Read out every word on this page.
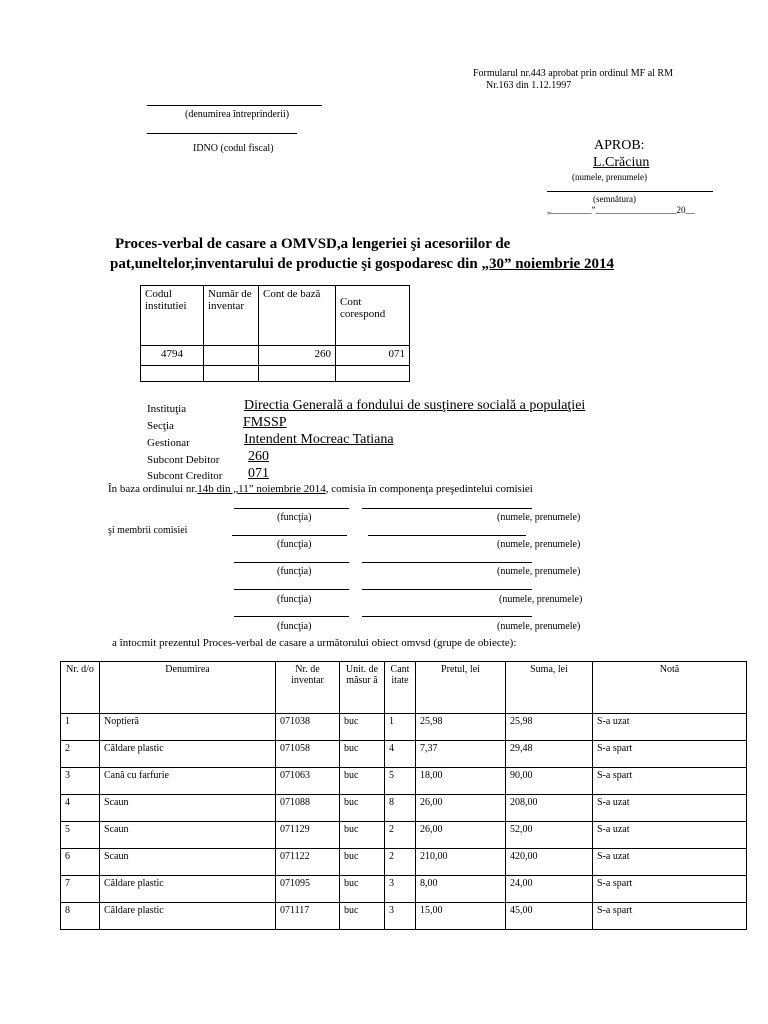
Formularul nr.443 aprobat prin ordinul MF al RM
Nr.163 din 1.12.1997
(denumirea întreprinderii)
IDNO (codul fiscal)	APROB:
L.Crăciun
(numele, prenumele)
(semnătura)
„_________”__________________20__
Proces-verbal de casare a OMVSD,a lengeriei şi acesoriilor de
pat,uneltelor,inventarului de productie şi gospodaresc din „30” noiembrie 2014
Codul institutiei	Număr de inventar	Cont de bază	Cont corespond
4794		260	071

Instituţia	Directia Generală a fondului de susţinere socială a populaţiei
Secţia	FMSSP
Gestionar	Intendent Mocreac Tatiana
Subcont Debitor 260
Subcont Creditor 071
În baza ordinului nr.14b din „11” noiembrie 2014, comisia în componenţa preşedintelui comisiei
(funcţia)	(numele, prenumele)
şi membrii comisiei
(funcţia)	(numele, prenumele)
(funcţia)	(numele, prenumele)
(funcţia)	(numele, prenumele)
(funcţia)	(numele, prenumele)
a întocmit prezentul Proces-verbal de casare a următorului obiect omvsd (grupe de obiecte):
Nr. d/o	Denumirea	Nr. de inventar	Unit. de măsur ă	Cant itate	Pretul, lei	Suma, lei	Notă
1	Noptieră	071038	buc	1	25,98	25,98	S-a uzat
2	Căldare plastic	071058	buc	4	7,37	29,48	S-a spart
3	Cană cu farfurie	071063	buc	5	18,00	90,00	S-a spart
4	Scaun	071088	buc	8	26,00	208,00	S-a uzat
5	Scaun	071129	buc	2	26,00	52,00	S-a uzat
6	Scaun	071122	buc	2	210,00	420,00	S-a uzat
7	Căldare plastic	071095	buc	3	8,00	24,00	S-a spart
8	Căldare plastic	071117	buc	3	15,00	45,00	S-a spart
